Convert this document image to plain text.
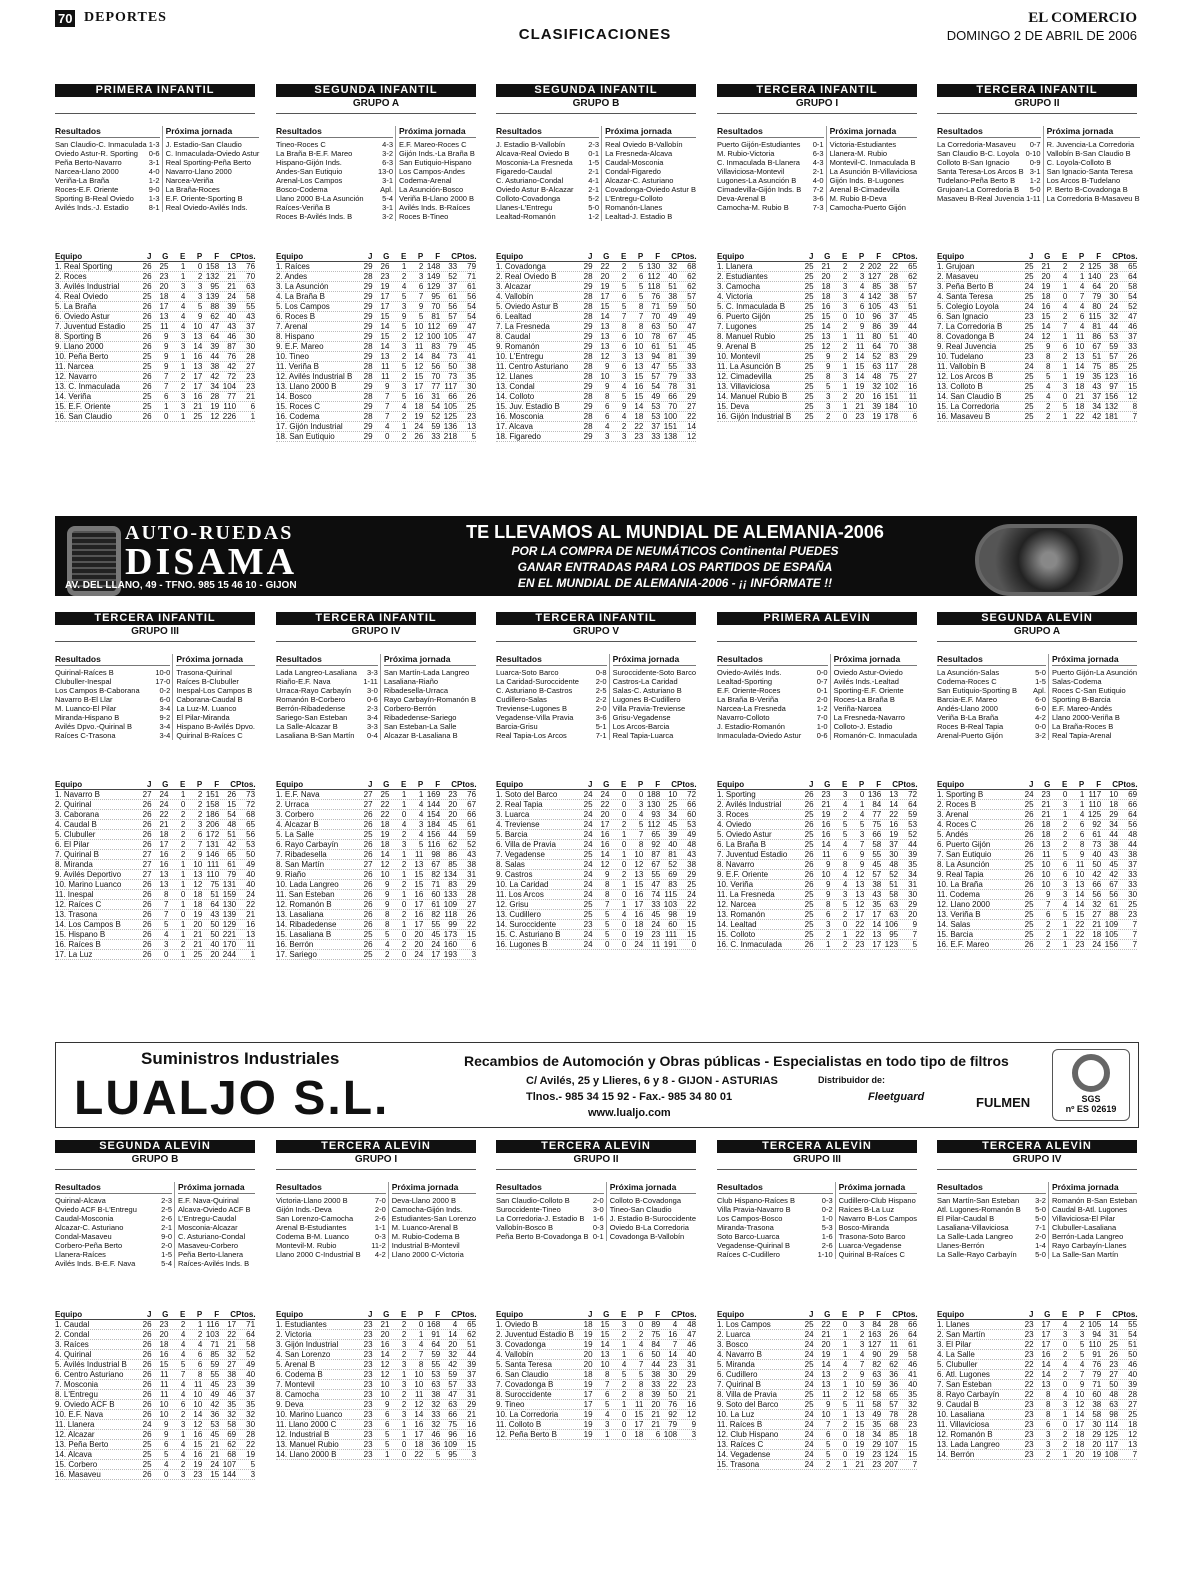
70 DEPORTES
CLASIFICACIONES
EL COMERCIO
DOMINGO 2 DE ABRIL DE 2006
PRIMERA INFANTIL
Resultados
San Claudio-C. Inmaculada 1-3
Oviedo Astur-R. Sporting 0-6
Peña Berto-Navarro	3-1
Narcea-Llano 2000	4-0
Veriña-La Braña	1-2
Roces-E.F. Oriente	9-0
Sporting B-Real Oviedo 1-3
Avilés Inds.-J. Estadio	8-1
Próxima jornada
J. Estadio-San Claudio
C. Inmaculada-Oviedo Astur
Real Sporting-Peña Berto
Navarro-Llano 2000
Narcea-Veriña
La Braña-Roces
E.F. Oriente-Sporting B
Real Oviedo-Avilés Inds.
Equipo	J	G	E	P	F	C Ptos.
1. Real Sporting	26	25	1	0 158	13	76
2. Roces	26	23	1	2 132	21	70
3. Avilés Industrial	26	20	3	3	95	21	63
4. Real Oviedo	25	18	4	3 139	24	58
5. La Braña	26	17	4	5	88	39	55
6. Oviedo Astur	26	13	4	9	62	40	43
7. Juventud Estadio	25	11	4	10	47	43	37
8. Sporting B	26	9	3	13	64	46	30
9. Llano 2000	26	9	3	14	39	87	30
10. Peña Berto	25	9	1	16	44	76	28
11. Narcea	25	9	1	13	38	42	27
12. Navarro	26	7	2	17	42	72	23
13. C. Inmaculada	26	7	2	17	34 104	23
14. Veriña	25	6	3	16	28	77	21
15. E.F. Oriente	25	1	3	21	19 110	6
16. San Claudio	26	0	1	25	12 226	1
SEGUNDA INFANTIL
GRUPO A
Resultados
Tineo-Roces C	4-3
La Braña B-E.F. Mareo	3-2
Hispano-Gijón Inds.	6-3
Andes-San Eutiquio	13-0
Arenal-Los Campos	3-1
Bosco-Codema	Apl.
Llano 2000 B-La Asunción 5-4
Raíces-Veriña B	3-1
Roces B-Avilés Inds. B	3-2
Próxima jornada
E.F. Mareo-Roces C
Gijón Inds.-La Braña B
San Eutiquio-Hispano
Los Campos-Andes
Codema-Arenal
La Asunción-Bosco
Veriña B-Llano 2000 B
Avilés Inds. B-Raíces
Roces B-Tineo
Equipo	J	G	E	P	F	C Ptos.
1. Raíces	29	26	1	2 148	33	79
2. Andes	28	23	2	3 149	52	71
3. La Asunción	29	19	4	6 129	37	61
4. La Braña B	29	17	5	7	95	61	56
5. Los Campos	29	17	3	9	70	56	54
6. Roces B	29	15	9	5	81	57	54
7. Arenal	29	14	5	10 112	69	47
8. Hispano	29	15	2	12 100 105	47
9. E.F. Mareo	28	14	3	11	83	79	45
10. Tineo	29	13	2	14	84	73	41
11. Veriña B	28	11	5	12	56	50	38
12. Avilés Industrial B	28	11	2	15	70	73	35
13. Llano 2000 B	29	9	3	17	77 117	30
14. Bosco	28	7	5	16	31	66	26
15. Roces C	29	7	4	18	54 105	25
16. Codema	28	7	2	19	52 125	23
17. Gijón Industrial	29	4	1	24	59 136	13
18. San Eutiquio	29	0	2	26	33 218	5
SEGUNDA INFANTIL
GRUPO B
Resultados
J. Estadio B-Vallobín	2-3
Alcava-Real Oviedo B	0-1
Mosconia-La Fresneda 1-5
Figaredo-Caudal	2-1
C. Asturiano-Condal	4-1
Oviedo Astur B-Alcazar 2-1
Colloto-Covadonga	5-2
Llanes-L'Entregu	5-0
Lealtad-Romanón	1-2
Próxima jornada
Real Oviedo B-Vallobín
La Fresneda-Alcava
Caudal-Mosconia
Condal-Figaredo
Alcazar-C. Asturiano
Covadonga-Oviedo Astur B
L'Entregu-Colloto
Romanón-Llanes
Lealtad-J. Estadio B
Equipo	J	G	E	P	F	C Ptos.
1. Covadonga	29	22	2	5 130	32	68
2. Real Oviedo B	28	20	2	6 112	40	62
3. Alcazar	29	19	5	5 118	51	62
4. Vallobín	28	17	6	5	76	38	57
5. Oviedo Astur B	28	15	5	8	71	59	50
6. Lealtad	28	14	7	7	70	49	49
7. La Fresneda	29	13	8	8	63	50	47
8. Caudal	29	13	6	10	78	67	45
9. Romanón	29	13	6	10	61	51	45
10. L'Entregu	28	12	3	13	94	81	39
11. Centro Asturiano	28	9	6	13	47	55	33
12. Llanes	28	10	3	15	57	79	33
13. Condal	29	9	4	16	54	78	31
14. Colloto	28	8	5	15	49	66	29
15. Juv. Estadio B	29	6	9	14	53	70	27
16. Mosconia	28	6	4	18	53 100	22
17. Alcava	28	4	2	22	37 151	14
18. Figaredo	29	3	3	23	33 138	12
TERCERA INFANTIL
GRUPO I
Resultados
Puerto Gijón-Estudiantes 0-1
M. Rubio-Victoria	6-3
C. Inmaculada B-Llanera 4-3
Villaviciosa-Montevil	2-1
Lugones-La Asunción B 4-0
Cimadevilla-Gijón Inds. B 7-2
Deva-Arenal B	3-6
Camocha-M. Rubio B	7-3
Próxima jornada
Victoria-Estudiantes
Llanera-M. Rubio
Montevil-C. Inmaculada B
La Asunción B-Villaviciosa
Gijón Inds. B-Lugones
Arenal B-Cimadevilla
M. Rubio B-Deva
Camocha-Puerto Gijón
Equipo	J	G	E	P	F	C Ptos.
1. Llanera	25	21	2	2 202	22	65
2. Estudiantes	25	20	2	3 127	28	62
3. Camocha	25	18	3	4	85	38	57
4. Victoria	25	18	3	4 142	38	57
5. C. Inmaculada B	25	16	3	6 105	43	51
6. Puerto Gijón	25	15	0	10	96	37	45
7. Lugones	25	14	2	9	86	39	44
8. Manuel Rubio	25	13	1	11	80	51	40
9. Arenal B	25	12	2	11	64	70	38
10. Montevil	25	9	2	14	52	83	29
11. La Asunción B	25	9	1	15	63 117	28
12. Cimadevilla	25	8	3	14	48	75	27
13. Villaviciosa	25	5	1	19	32 102	16
14. Manuel Rubio B	25	3	2	20	16 151	11
15. Deva	25	3	1	21	39 184	10
16. Gijón Industrial B	25	2	0	23	19 178	6
TERCERA INFANTIL
GRUPO II
Resultados
La Corredoria-Masaveu 0-7
San Claudio B-C. Loyola 0-10
Colloto B-San Ignacio	0-9
Santa Teresa-Los Arcos B 3-1
Tudelano-Peña Berto B 1-2
Grujoan-La Corredoria B 5-0
Masaveu B-Real Juvencia 1-11
Próxima jornada
R. Juvencia-La Corredoria
Vallobín B-San Claudio B
C. Loyola-Colloto B
San Ignacio-Santa Teresa
Los Arcos B-Tudelano
P. Berto B-Covadonga B
La Corredoria B-Masaveu B
Equipo	J	G	E	P	F	C Ptos.
1. Grujoan	25	21	2	2 125	38	65
2. Masaveu	25	20	4	1 140	23	64
3. Peña Berto B	24	19	1	4	64	20	58
4. Santa Teresa	25	18	0	7	79	30	54
5. Colegio Loyola	24	16	4	4	80	24	52
6. San Ignacio	23	15	2	6 115	32	47
7. La Corredoria B	25	14	7	4	81	44	46
8. Covadonga B	24	12	1	11	86	53	37
9. Real Juvencia	25	9	6	10	67	59	33
10. Tudelano	23	8	2	13	51	57	26
11. Vallobín B	24	8	1	14	75	85	25
12. Los Arcos B	25	5	1	19	35 123	16
13. Colloto B	25	4	3	18	43	97	15
14. San Claudio B	25	4	0	21	37 156	12
15. La Corredoria	25	2	5	18	34 132	8
16. Masaveu B	25	2	1	22	42 181	7
TERCERA INFANTIL
GRUPO III
Resultados
Quirinal-Raíces B	10-0
Clubuller-Inespal	17-0
Los Campos B-Caborana	0-2
Navarro B-El Llar	6-0
M. Luanco-El Pilar	3-4
Miranda-Hispano B	9-2
Avilés Dpvo.-Quirinal B	3-4
Raíces C-Trasona	3-4
Próxima jornada
Trasona-Quirinal
Raíces B-Clubuller
Inespal-Los Campos B
Caborana-Caudal B
La Luz-M. Luanco
El Pilar-Miranda
Hispano B-Avilés Dpvo.
Quirinal B-Raíces C
Equipo	J	G	E	P	F	C Ptos.
1. Navarro B	27	24	1	2 151	26	73
2. Quirinal	26	24	0	2 158	15	72
3. Caborana	26	22	2	2 186	54	68
4. Caudal B	26	21	2	3 206	48	65
5. Clubuller	26	18	2	6 172	51	56
6. El Pilar	26	17	2	7 131	42	53
7. Quirinal B	27	16	2	9 146	65	50
8. Miranda	27	16	1	10 111	61	49
9. Avilés Deportivo	27	13	1	13 110	79	40
10. Marino Luanco	26	13	1	12	75 131	40
11. Inespal	26	8	0	18	51 159	24
12. Raíces C	26	7	1	18	64 130	22
13. Trasona	26	7	0	19	43 139	21
14. Los Campos B	26	5	1	20	50 129	16
15. Hispano B	26	4	1	21	50 221	13
16. Raíces B	26	3	2	21	40 170	11
17. La Luz	26	0	1	25	20 244	1
TERCERA INFANTIL
GRUPO IV
Resultados
Lada Langreo-Lasaliana 3-3
Riaño-E.F. Nava	1-11
Urraca-Rayo Carbayín 3-0
Romanón B-Corbero	0-6
Berrón-Ribadedense	2-3
Sariego-San Esteban	3-4
La Salle-Alcazar B	3-3
Lasaliana B-San Martín 0-4
Próxima jornada
San Martín-Lada Langreo
Lasaliana-Riaño
Ribadesella-Urraca
Rayo Carbayín-Romanón B
Corbero-Berrón
Ribadedense-Sariego
San Esteban-La Salle
Alcazar B-Lasaliana B
Equipo	J	G	E	P	F	C Ptos.
1. E.F. Nava	27	25	1	1 169	23	76
2. Urraca	27	22	1	4 144	20	67
3. Corbero	26	22	0	4 154	20	66
4. Alcazar B	26	18	4	3 184	45	61
5. La Salle	25	19	2	4 156	44	59
6. Rayo Carbayín	26	18	3	5 116	62	52
7. Ribadesella	26	14	1	11	98	86	43
8. San Martín	27	12	2	13	67	85	38
9. Riaño	26	10	1	15	82 134	31
10. Lada Langreo	26	9	2	15	71	83	29
11. San Esteban	26	9	1	16	60 133	28
12. Romanón B	26	9	0	17	61 109	27
13. Lasaliana	26	8	2	16	82 118	26
14. Ribadedense	26	8	1	17	55	99	22
15. Lasaliana B	25	5	0	20	45 173	15
16. Berrón	26	4	2	20	24 160	6
17. Sariego	25	2	0	24	17 193	3
TERCERA INFANTIL
GRUPO V
Resultados
Luarca-Soto Barco	0-8
La Caridad-Suroccidente 2-0
C. Asturiano B-Castros	2-5
Cudillero-Salas	2-2
Treviense-Lugones B	2-0
Vegadense-Villa Pravia	3-6
Barcia-Grisu	5-1
Real Tapia-Los Arcos	7-1
Próxima jornada
Suroccidente-Soto Barco
Castros-La Caridad
Salas-C. Asturiano B
Lugones B-Cudillero
Villa Pravia-Treviense
Grisu-Vegadense
Los Arcos-Barcia
Real Tapia-Luarca
Equipo	J	G	E	P	F	C Ptos.
1. Soto del Barco	24	24	0	0 188	10	72
2. Real Tapia	25	22	0	3 130	25	66
3. Luarca	24	20	0	4	93	34	60
4. Treviense	24	17	2	5 112	45	53
5. Barcia	24	16	1	7	65	39	49
6. Villa de Pravia	24	16	0	8	92	40	48
7. Vegadense	25	14	1	10	87	81	43
8. Salas	24	12	0	12	67	52	38
9. Castros	24	9	2	13	55	69	29
10. La Caridad	24	8	1	15	47	83	25
11. Los Arcos	24	8	0	16	74 115	24
12. Grisu	25	7	1	17	33 103	22
13. Cudillero	25	5	4	16	45	98	19
14. Suroccidente	23	5	0	18	24	60	15
15. C. Asturiano B	24	5	0	19	23 111	15
16. Lugones B	24	0	0	24	11 191	0
PRIMERA ALEVÍN
Resultados
Oviedo-Avilés Inds.	0-0
Lealtad-Sporting	0-7
E.F. Oriente-Roces	0-1
La Braña B-Veriña	2-0
Narcea-La Fresneda	1-2
Navarro-Colloto	7-0
J. Estadio-Romanón	1-0
Inmaculada-Oviedo Astur 0-6
Próxima jornada
Oviedo Astur-Oviedo
Avilés Inds.-Lealtad
Sporting-E.F. Oriente
Roces-La Braña B
Veriña-Narcea
La Fresneda-Navarro
Colloto-J. Estadio
Romanón-C. Inmaculada
Equipo	J	G	E	P	F	C Ptos.
1. Sporting	26	23	3	0 136	13	72
2. Avilés Industrial	26	21	4	1	84	14	64
3. Roces	25	19	2	4	77	22	59
4. Oviedo	26	16	5	5	75	16	53
5. Oviedo Astur	25	16	5	3	66	19	52
6. La Braña B	25	14	4	7	58	37	44
7. Juventud Estadio	26	11	6	9	55	30	39
8. Navarro	26	9	8	9	45	48	35
9. E.F. Oriente	26	10	4	12	57	52	34
10. Veriña	26	9	4	13	38	51	31
11. La Fresneda	25	9	3	13	43	58	30
12. Narcea	25	8	5	12	35	63	29
13. Romanón	25	6	2	17	17	63	20
14. Lealtad	25	3	0	22	14 106	9
15. Colloto	25	2	1	22	13	95	7
16. C. Inmaculada	26	1	2	23	17 123	5
SEGUNDA ALEVÍN
GRUPO A
Resultados
La Asunción-Salas	5-0
Codema-Roces C	1-5
San Eutiquio-Sporting B Apl.
Barcia-E.F. Mareo	6-0
Andés-Llano 2000	6-0
Veriña B-La Braña	4-2
Roces B-Real Tapia	0-0
Arenal-Puerto Gijón	3-2
Próxima jornada
Puerto Gijón-La Asunción
Salas-Codema
Roces C-San Eutiquio
Sporting B-Barcia
E.F. Mareo-Andés
Llano 2000-Veriña B
La Braña-Roces B
Real Tapia-Arenal
Equipo	J	G	E	P	F	C Ptos.
1. Sporting B	24	23	0	1 117	10	69
2. Roces B	25	21	3	1 110	18	66
3. Arenal	26	21	1	4 125	29	64
4. Roces C	26	18	2	6	92	34	56
5. Andés	26	18	2	6	61	44	48
6. Puerto Gijón	26	13	2	8	73	38	44
7. San Eutiquio	26	11	5	9	40	43	38
8. La Asunción	25	10	6	11	50	45	37
9. Real Tapia	26	10	6	10	42	42	33
10. La Braña	26	10	3	13	66	67	33
11. Codema	26	9	3	14	56	56	30
12. Llano 2000	25	7	4	14	32	61	25
13. Veriña B	25	6	5	15	27	88	23
14. Salas	25	2	1	22	21 109	7
15. Barcia	25	2	1	22	18 105	7
16. E.F. Mareo	26	2	1	23	24 156	7
SEGUNDA ALEVÍN
GRUPO B
Resultados
Quirinal-Alcava	2-3
Oviedo ACF B-L'Entregu	2-5
Caudal-Mosconia	2-6
Alcazar-C. Asturiano	2-1
Condal-Masaveu	9-0
Corbero-Peña Berto	2-0
Llanera-Raíces	1-5
Avilés Inds. B-E.F. Nava	5-4
Próxima jornada
E.F. Nava-Quirinal
Alcava-Oviedo ACF B
L'Entregu-Caudal
Mosconia-Alcazar
C. Asturiano-Condal
Masaveu-Corbero
Peña Berto-Llanera
Raíces-Avilés Inds. B
Equipo	J	G	E	P	F	C Ptos.
1. Caudal	26	23	2	1 116	17	71
2. Condal	26	20	4	2 103	22	64
3. Raíces	26	18	4	4	71	21	58
4. Quirinal	26	16	4	6	85	32	52
5. Avilés Industrial B	26	15	5	6	59	27	49
6. Centro Asturiano	26	11	7	8	55	38	40
7. Mosconia	26	11	4	11	45	23	39
8. L'Entregu	26	11	4	10	49	46	37
9. Oviedo ACF B	26	10	6	10	42	35	35
10. E.F. Nava	26	10	2	14	36	32	32
11. Llanera	24	9	3	12	53	58	30
12. Alcazar	26	9	1	16	45	69	28
13. Peña Berto	25	6	4	15	21	62	22
14. Alcava	25	5	4	16	21	68	19
15. Corbero	25	4	2	19	24 107	5
16. Masaveu	26	0	3	23	15 144	3
TERCERA ALEVÍN
GRUPO I
Resultados
Victoria-Llano 2000 B	7-0
Gijón Inds.-Deva	2-0
San Lorenzo-Camocha	2-6
Arenal B-Estudiantes	1-1
Codema B-M. Luanco	0-3
Montevil-M. Rubio	11-2
Llano 2000 C-Industrial B 4-2
Próxima jornada
Deva-Llano 2000 B
Camocha-Gijón Inds.
Estudiantes-San Lorenzo
M. Luanco-Arenal B
M. Rubio-Codema B
Industrial B-Montevil
Llano 2000 C-Victoria
Equipo	J	G	E	P	F	C Ptos.
1. Estudiantes	23	21	2	0 168	4	65
2. Victoria	23	20	2	1	91	14	62
3. Gijón Industrial	23	16	3	4	64	20	51
4. San Lorenzo	23	14	2	7	59	32	44
5. Arenal B	23	12	3	8	55	42	39
6. Codema B	23	12	1	10	53	59	37
7. Montevil	23	10	3	10	63	57	33
8. Camocha	23	10	2	11	38	47	31
9. Deva	23	9	2	12	32	63	29
10. Marino Luanco	23	6	3	14	33	66	21
11. Llano 2000 C	23	6	1	16	32	75	16
12. Industrial B	23	5	1	17	46	96	16
13. Manuel Rubio	23	5	0	18	36 109	15
14. Llano 2000 B	23	1	0	22	5	95	3
TERCERA ALEVÍN
GRUPO II
Resultados
San Claudio-Colloto B	2-0
Suroccidente-Tineo	3-0
La Corredoria-J. Estadio B 1-6
Vallobín-Bosco B	0-3
Peña Berto B-Covadonga B 0-1
Próxima jornada
Colloto B-Covadonga
Tineo-San Claudio
J. Estadio B-Suroccidente
Oviedo B-La Corredoria
Covadonga B-Vallobín
Equipo	J	G	E	P	F	C Ptos.
1. Oviedo B	18	15	3	0	89	4	48
2. Juventud Estadio B	19	15	2	2	75	16	47
3. Covadonga	19	14	1	4	84	7	46
4. Vallobín	20	13	1	6	50	14	40
5. Santa Teresa	20	10	4	7	44	23	31
6. San Claudio	18	8	5	5	38	30	29
7. Covadonga B	19	7	2	8	33	22	23
8. Suroccidente	17	6	2	8	39	50	21
9. Tineo	17	5	1	11	20	76	16
10. La Corredoria	19	4	0	15	21	92	12
11. Colloto B	19	3	0	17	21	79	9
12. Peña Berto B	19	1	0	18	6 108	3
TERCERA ALEVÍN
GRUPO III
Resultados
Club Hispano-Raíces B	0-3
Villa Pravia-Navarro B	0-2
Los Campos-Bosco	1-0
Miranda-Trasona	5-3
Soto Barco-Luarca	1-6
Vegadense-Quirinal B	2-6
Raíces C-Cudillero	1-10
Próxima jornada
Cudillero-Club Hispano
Raíces B-La Luz
Navarro B-Los Campos
Bosco-Miranda
Trasona-Soto Barco
Luarca-Vegadense
Quirinal B-Raíces C
Equipo	J	G	E	P	F	C Ptos.
1. Los Campos	25	22	0	3	84	28	66
2. Luarca	24	21	1	2 163	26	64
3. Bosco	24	20	1	3 127	11	61
4. Navarro B	24	19	1	4	90	29	58
5. Miranda	25	14	4	7	82	62	46
6. Cudillero	24	13	2	9	63	36	41
7. Quirinal B	24	13	1	10	59	36	40
8. Villa de Pravia	25	11	2	12	58	65	35
9. Soto del Barco	25	9	5	11	58	57	32
10. La Luz	24	10	1	13	49	78	28
11. Raíces B	24	7	2	15	35	68	23
12. Club Hispano	24	6	0	18	34	85	18
13. Raíces C	24	5	0	19	29 107	15
14. Vegadense	24	5	0	19	23 124	15
15. Trasona	24	2	1	21	23 207	7
TERCERA ALEVÍN
GRUPO IV
Resultados
San Martín-San Esteban 3-2
Atl. Lugones-Romanón B 5-0
El Pilar-Caudal B	5-0
Lasaliana-Villaviciosa	7-1
La Salle-Lada Langreo	2-0
Llanes-Berrón	1-4
La Salle-Rayo Carbayín 5-0
Próxima jornada
Romanón B-San Esteban
Caudal B-Atl. Lugones
Villaviciosa-El Pilar
Clubuller-Lasaliana
Berrón-Lada Langreo
Rayo Carbayín-Llanes
La Salle-San Martín
Equipo	J	G	E	P	F	C Ptos.
1. Llanes	23	17	4	2 105	14	55
2. San Martín	23	17	3	3	94	31	54
3. El Pilar	22	17	0	5 110	25	51
4. La Salle	23	16	2	5	91	26	50
5. Clubuller	22	14	4	4	76	23	46
6. Atl. Lugones	22	14	2	7	79	27	40
7. San Esteban	22	13	0	9	71	50	39
8. Rayo Carbayín	22	8	4	10	60	48	28
9. Caudal B	23	8	3	12	38	63	27
10. Lasaliana	23	8	1	14	58	98	25
11. Villaviciosa	23	6	0	17	30 114	18
12. Romanón B	23	3	2	18	29 125	12
13. Lada Langreo	23	3	2	18	20 117	13
14. Berrón	23	2	1	20	19 108	7
AUTO-RUEDAS
DISAMA
AV. DEL LLANO, 49 - TFNO. 985 15 46 10 - GIJON
TE LLEVAMOS AL MUNDIAL DE ALEMANIA-2006
POR LA COMPRA DE NEUMÁTICOS Continental PUEDES
GANAR ENTRADAS PARA LOS PARTIDOS DE ESPAÑA
EN EL MUNDIAL DE ALEMANIA-2006 - ¡¡ INFÓRMATE !!
Suministros Industriales
LUALJO S.L.
Recambios de Automoción y Obras públicas - Especialistas en todo tipo de filtros
C/ Avilés, 25 y Llieres, 6 y 8 - GIJON - ASTURIAS
Tlnos.- 985 34 15 92 - Fax.- 985 34 80 01
www.lualjo.com
Distribuidor de:
Fleetguard	FULMEN	SGS
nº ES 02619
